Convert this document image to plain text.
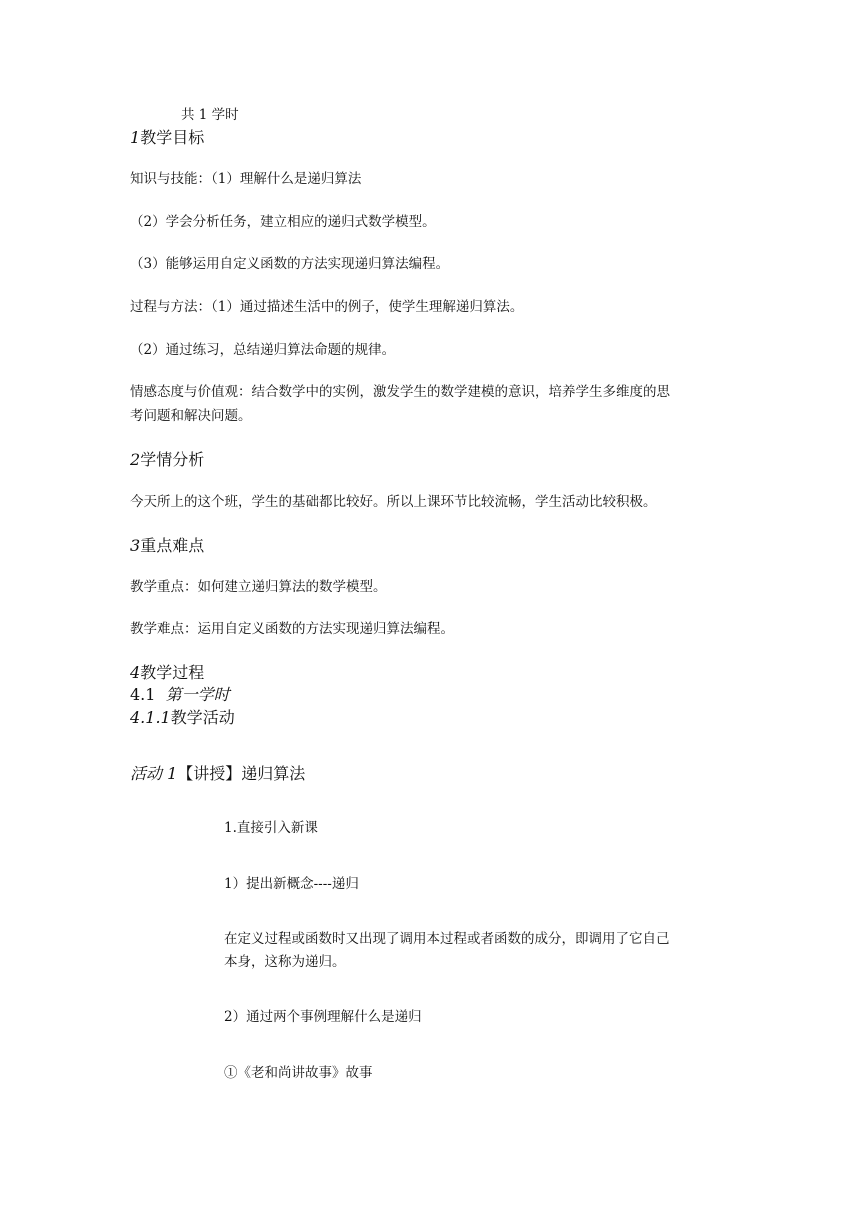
共 1 学时
1教学目标
知识与技能：（1）理解什么是递归算法
（2）学会分析任务，建立相应的递归式数学模型。
（3）能够运用自定义函数的方法实现递归算法编程。
过程与方法：（1）通过描述生活中的例子，使学生理解递归算法。
（2）通过练习，总结递归算法命题的规律。
情感态度与价值观：结合数学中的实例，激发学生的数学建模的意识，培养学生多维度的思
考问题和解决问题。
2学情分析
今天所上的这个班，学生的基础都比较好。所以上课环节比较流畅，学生活动比较积极。
3重点难点
教学重点：如何建立递归算法的数学模型。
教学难点：运用自定义函数的方法实现递归算法编程。
4教学过程
4.1 第一学时
4.1.1教学活动
活动 1【讲授】递归算法
1.直接引入新课
1）提出新概念----递归
在定义过程或函数时又出现了调用本过程或者函数的成分，即调用了它自己
本身，这称为递归。
2）通过两个事例理解什么是递归
①《老和尚讲故事》故事
